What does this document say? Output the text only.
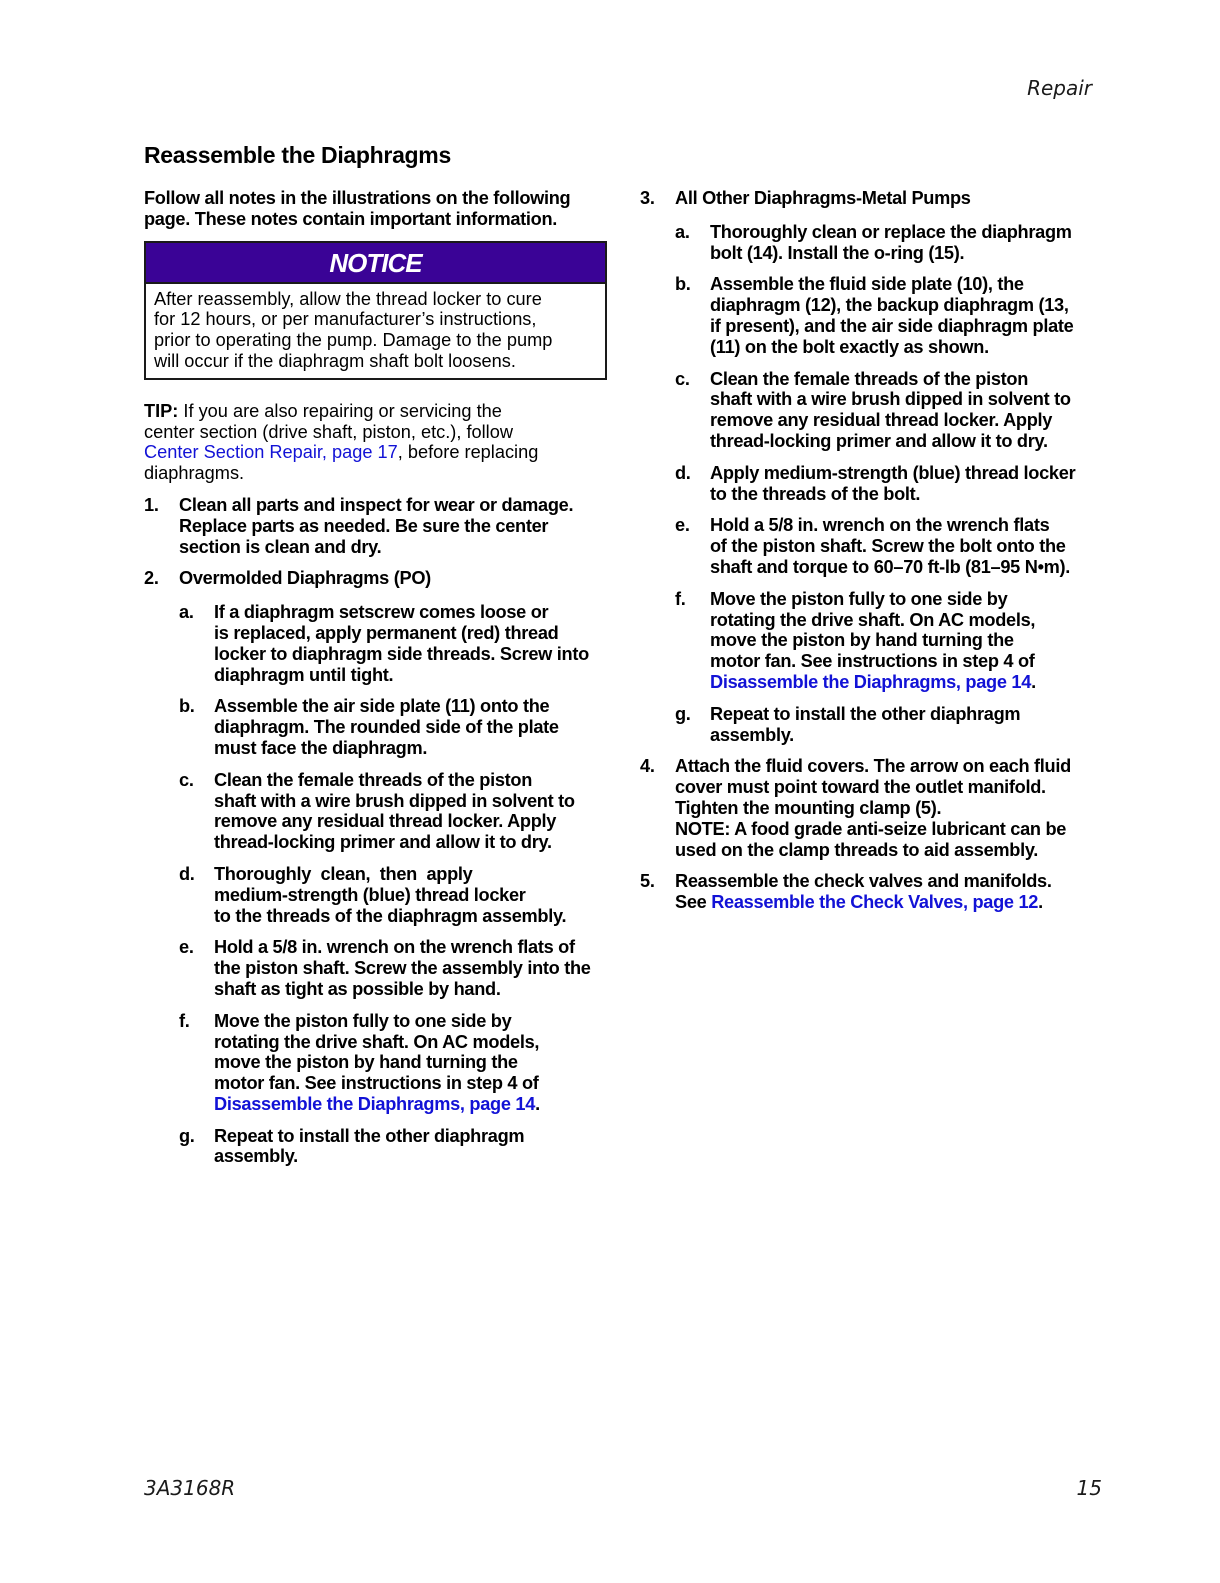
Repair
Reassemble the Diaphragms

Follow all notes in the illustrations on the following
page. These notes contain important information.

NOTICE

After reassembly, allow the thread locker to cure
for 12 hours, or per manufacturer’s instructions,
prior to operating the pump. Damage to the pump
will occur if the diaphragm shaft bolt loosens.

TIP: If you are also repairing or servicing the
center section (drive shaft, piston, etc.), follow
Center Section Repair, page 17, before replacing
diaphragms.

1.	Clean all parts and inspect for wear or damage.
Replace parts as needed. Be sure the center
section is clean and dry.
2.	Overmolded Diaphragms (PO)
a.	If a diaphragm setscrew comes loose or
is replaced, apply permanent (red) thread
locker to diaphragm side threads. Screw into
diaphragm until tight.
b.	Assemble the air side plate (11) onto the
diaphragm. The rounded side of the plate
must face the diaphragm.
c.	Clean the female threads of the piston
shaft with a wire brush dipped in solvent to
remove any residual thread locker. Apply
thread-locking primer and allow it to dry.
d.	Thoroughly  clean,  then  apply
medium-strength (blue) thread locker
to the threads of the diaphragm assembly.
e.	Hold a 5/8 in. wrench on the wrench flats of
the piston shaft. Screw the assembly into the
shaft as tight as possible by hand.
f.	Move the piston fully to one side by
rotating the drive shaft. On AC models,
move the piston by hand turning the
motor fan. See instructions in step 4 of
Disassemble the Diaphragms, page 14.
g.	Repeat to install the other diaphragm
assembly.
3.	All Other Diaphragms-Metal Pumps
a.	Thoroughly clean or replace the diaphragm
bolt (14). Install the o-ring (15).
b.	Assemble the fluid side plate (10), the
diaphragm (12), the backup diaphragm (13,
if present), and the air side diaphragm plate
(11) on the bolt exactly as shown.
c.	Clean the female threads of the piston
shaft with a wire brush dipped in solvent to
remove any residual thread locker. Apply
thread-locking primer and allow it to dry.
d.	Apply medium-strength (blue) thread locker
to the threads of the bolt.
e.	Hold a 5/8 in. wrench on the wrench flats
of the piston shaft. Screw the bolt onto the
shaft and torque to 60–70 ft-lb (81–95 N•m).
f.	Move the piston fully to one side by
rotating the drive shaft. On AC models,
move the piston by hand turning the
motor fan. See instructions in step 4 of
Disassemble the Diaphragms, page 14.
g.	Repeat to install the other diaphragm
assembly.
4.	Attach the fluid covers. The arrow on each fluid
cover must point toward the outlet manifold.
Tighten the mounting clamp (5).
NOTE: A food grade anti-seize lubricant can be
used on the clamp threads to aid assembly.
5.	Reassemble the check valves and manifolds.
See Reassemble the Check Valves, page 12.
3A3168R	15
